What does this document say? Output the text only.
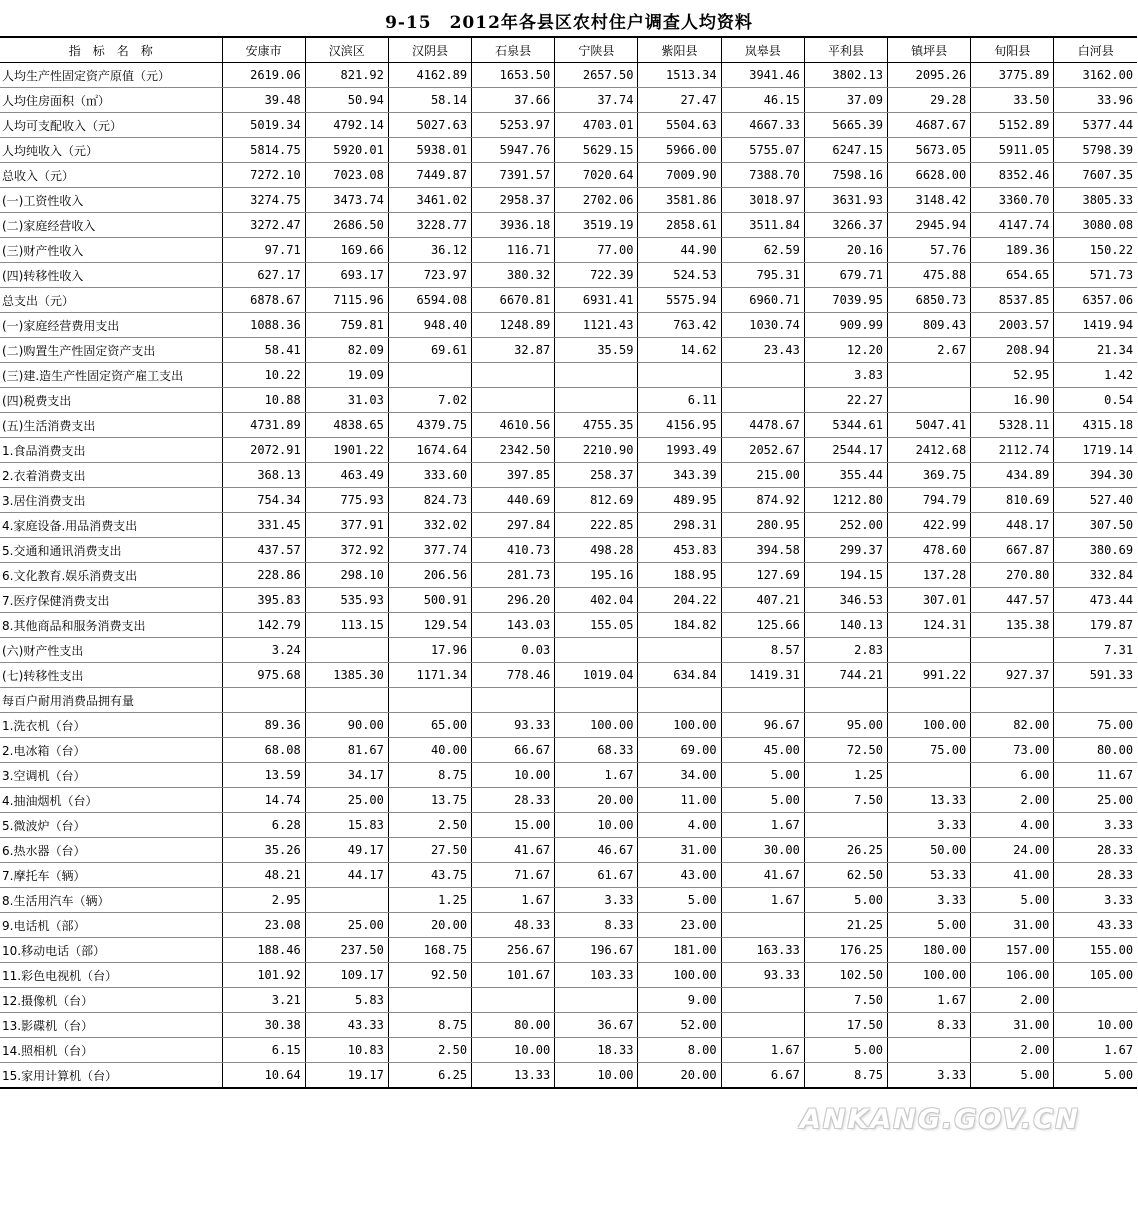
9-15　2012年各县区农村住户调查人均资料
指　标　名　称	安康市	汉滨区	汉阴县	石泉县	宁陕县	紫阳县	岚皋县	平利县	镇坪县	旬阳县	白河县
人均生产性固定资产原值（元）	2619.06	821.92	4162.89	1653.50	2657.50	1513.34	3941.46	3802.13	2095.26	3775.89	3162.00
人均住房面积（㎡）	39.48	50.94	58.14	37.66	37.74	27.47	46.15	37.09	29.28	33.50	33.96
人均可支配收入（元）	5019.34	4792.14	5027.63	5253.97	4703.01	5504.63	4667.33	5665.39	4687.67	5152.89	5377.44
人均纯收入（元）	5814.75	5920.01	5938.01	5947.76	5629.15	5966.00	5755.07	6247.15	5673.05	5911.05	5798.39
总收入（元）	7272.10	7023.08	7449.87	7391.57	7020.64	7009.90	7388.70	7598.16	6628.00	8352.46	7607.35
(一)工资性收入	3274.75	3473.74	3461.02	2958.37	2702.06	3581.86	3018.97	3631.93	3148.42	3360.70	3805.33
(二)家庭经营收入	3272.47	2686.50	3228.77	3936.18	3519.19	2858.61	3511.84	3266.37	2945.94	4147.74	3080.08
(三)财产性收入	97.71	169.66	36.12	116.71	77.00	44.90	62.59	20.16	57.76	189.36	150.22
(四)转移性收入	627.17	693.17	723.97	380.32	722.39	524.53	795.31	679.71	475.88	654.65	571.73
总支出（元）	6878.67	7115.96	6594.08	6670.81	6931.41	5575.94	6960.71	7039.95	6850.73	8537.85	6357.06
(一)家庭经营费用支出	1088.36	759.81	948.40	1248.89	1121.43	763.42	1030.74	909.99	809.43	2003.57	1419.94
(二)购置生产性固定资产支出	58.41	82.09	69.61	32.87	35.59	14.62	23.43	12.20	2.67	208.94	21.34
(三)建.造生产性固定资产雇工支出	10.22	19.09						3.83		52.95	1.42
(四)税费支出	10.88	31.03	7.02			6.11		22.27		16.90	0.54
(五)生活消费支出	4731.89	4838.65	4379.75	4610.56	4755.35	4156.95	4478.67	5344.61	5047.41	5328.11	4315.18
1.食品消费支出	2072.91	1901.22	1674.64	2342.50	2210.90	1993.49	2052.67	2544.17	2412.68	2112.74	1719.14
2.衣着消费支出	368.13	463.49	333.60	397.85	258.37	343.39	215.00	355.44	369.75	434.89	394.30
3.居住消费支出	754.34	775.93	824.73	440.69	812.69	489.95	874.92	1212.80	794.79	810.69	527.40
4.家庭设备.用品消费支出	331.45	377.91	332.02	297.84	222.85	298.31	280.95	252.00	422.99	448.17	307.50
5.交通和通讯消费支出	437.57	372.92	377.74	410.73	498.28	453.83	394.58	299.37	478.60	667.87	380.69
6.文化教育.娱乐消费支出	228.86	298.10	206.56	281.73	195.16	188.95	127.69	194.15	137.28	270.80	332.84
7.医疗保健消费支出	395.83	535.93	500.91	296.20	402.04	204.22	407.21	346.53	307.01	447.57	473.44
8.其他商品和服务消费支出	142.79	113.15	129.54	143.03	155.05	184.82	125.66	140.13	124.31	135.38	179.87
(六)财产性支出	3.24		17.96	0.03			8.57	2.83			7.31
(七)转移性支出	975.68	1385.30	1171.34	778.46	1019.04	634.84	1419.31	744.21	991.22	927.37	591.33
每百户耐用消费品拥有量											
1.洗衣机（台）	89.36	90.00	65.00	93.33	100.00	100.00	96.67	95.00	100.00	82.00	75.00
2.电冰箱（台）	68.08	81.67	40.00	66.67	68.33	69.00	45.00	72.50	75.00	73.00	80.00
3.空调机（台）	13.59	34.17	8.75	10.00	1.67	34.00	5.00	1.25		6.00	11.67
4.抽油烟机（台）	14.74	25.00	13.75	28.33	20.00	11.00	5.00	7.50	13.33	2.00	25.00
5.微波炉（台）	6.28	15.83	2.50	15.00	10.00	4.00	1.67		3.33	4.00	3.33
6.热水器（台）	35.26	49.17	27.50	41.67	46.67	31.00	30.00	26.25	50.00	24.00	28.33
7.摩托车（辆）	48.21	44.17	43.75	71.67	61.67	43.00	41.67	62.50	53.33	41.00	28.33
8.生活用汽车（辆）	2.95		1.25	1.67	3.33	5.00	1.67	5.00	3.33	5.00	3.33
9.电话机（部）	23.08	25.00	20.00	48.33	8.33	23.00		21.25	5.00	31.00	43.33
10.移动电话（部）	188.46	237.50	168.75	256.67	196.67	181.00	163.33	176.25	180.00	157.00	155.00
11.彩色电视机（台）	101.92	109.17	92.50	101.67	103.33	100.00	93.33	102.50	100.00	106.00	105.00
12.摄像机（台）	3.21	5.83				9.00		7.50	1.67	2.00	
13.影碟机（台）	30.38	43.33	8.75	80.00	36.67	52.00		17.50	8.33	31.00	10.00
14.照相机（台）	6.15	10.83	2.50	10.00	18.33	8.00	1.67	5.00		2.00	1.67
15.家用计算机（台）	10.64	19.17	6.25	13.33	10.00	20.00	6.67	8.75	3.33	5.00	5.00
ANKANG.GOV.CN
